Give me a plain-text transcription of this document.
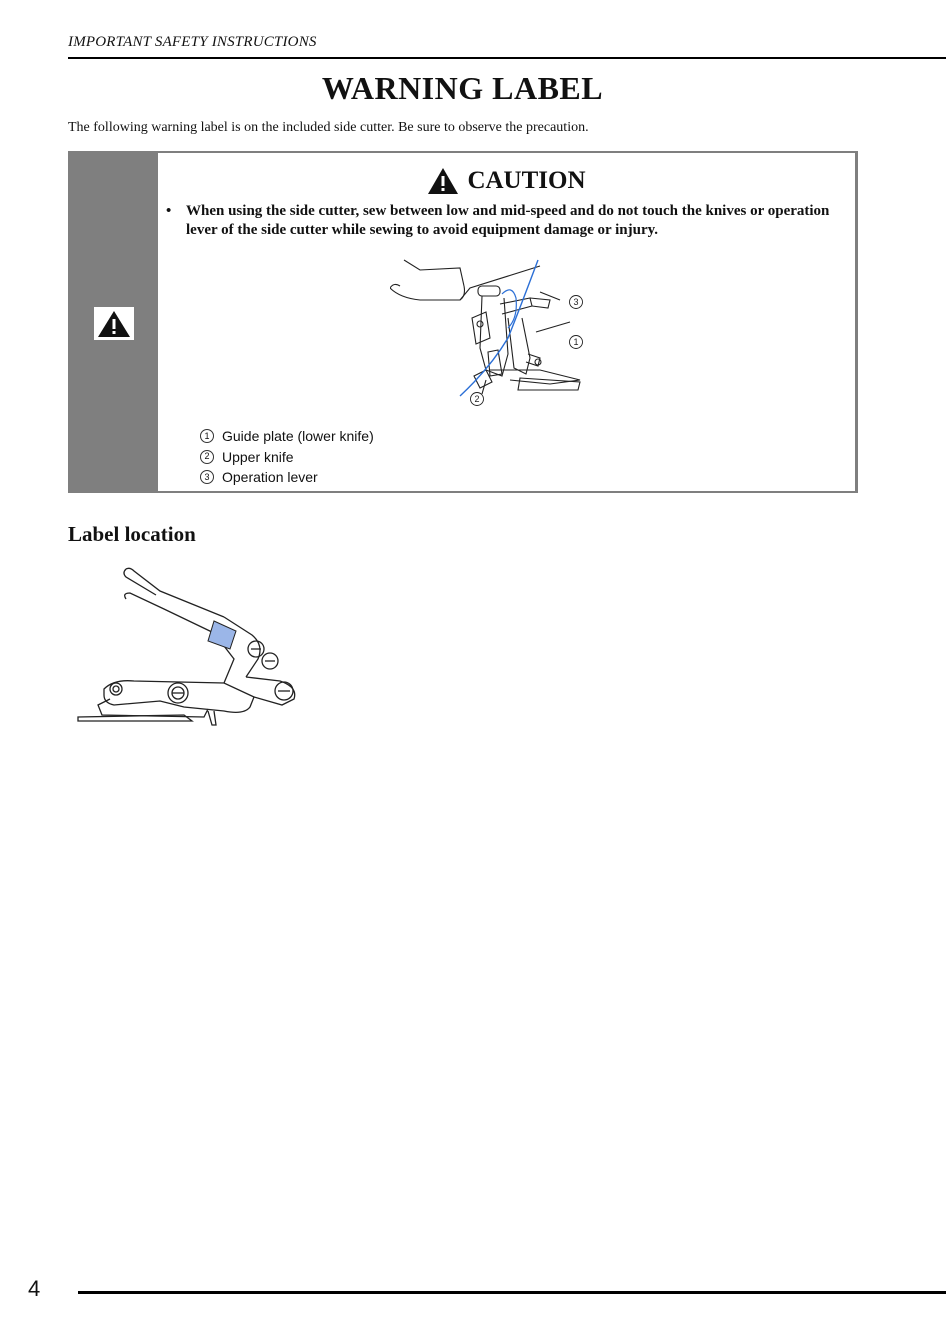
IMPORTANT SAFETY INSTRUCTIONS
WARNING LABEL
The following warning label is on the included side cutter. Be sure to observe the precaution.
CAUTION
• When using the side cutter, sew between low and mid-speed and do not touch the knives or operation lever of the side cutter while sewing to avoid equipment damage or injury.
3
1
2
1 Guide plate (lower knife)
2 Upper knife
3 Operation lever
Label location
4
